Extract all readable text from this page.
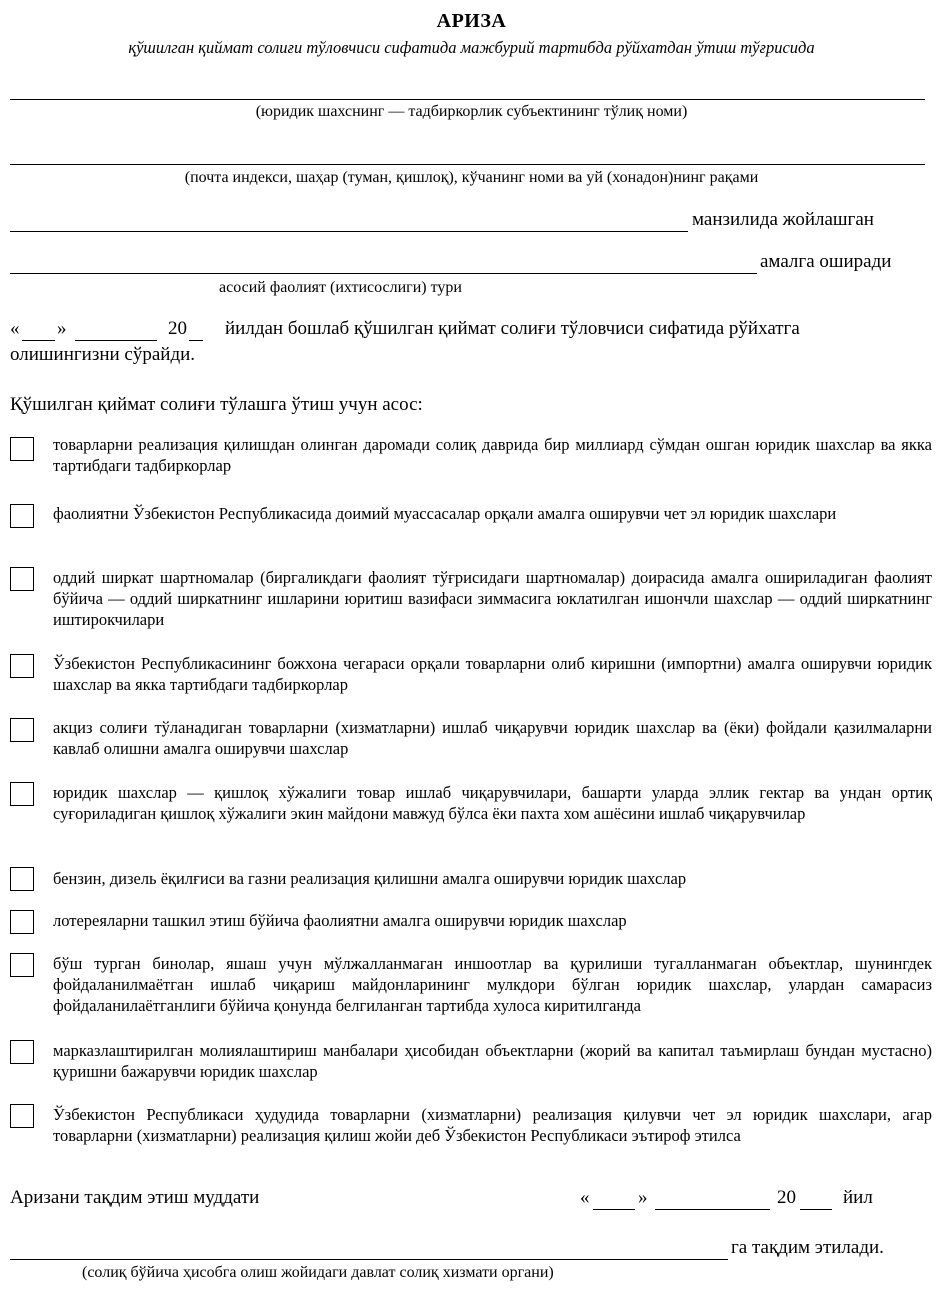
АРИЗА
қўшилган қиймат солиғи тўловчиси сифатида мажбурий тартибда рўйхатдан ўтиш тўғрисида
(юридик шахснинг — тадбиркорлик субъектининг тўлиқ номи)
(почта индекси, шаҳар (туман, қишлоқ), кўчанинг номи ва уй (хонадон)нинг рақами
манзилида жойлашган
амалга оширади
асосий фаолият (ихтисослиги) тури
« »	20 йилдан бошлаб қўшилган қиймат солиғи тўловчиси сифатида рўйхатга
олишингизни сўрайди.
Қўшилган қиймат солиғи тўлашга ўтиш учун асос:
товарларни реализация қилишдан олинган даромади солиқ даврида бир миллиард сўмдан ошган юридик шахслар ва якка тартибдаги тадбиркорлар
фаолиятни Ўзбекистон Республикасида доимий муассасалар орқали амалга оширувчи чет эл юридик шахслари
оддий ширкат шартномалар (биргаликдаги фаолият тўғрисидаги шартномалар) доирасида амалга ошириладиган фаолият бўйича — оддий ширкатнинг ишларини юритиш вазифаси зиммасига юклатилган ишончли шахслар — оддий ширкатнинг иштирокчилари
Ўзбекистон Республикасининг божхона чегараси орқали товарларни олиб киришни (импортни) амалга оширувчи юридик шахслар ва якка тартибдаги тадбиркорлар
акциз солиғи тўланадиган товарларни (хизматларни) ишлаб чиқарувчи юридик шахслар ва (ёки) фойдали қазилмаларни кавлаб олишни амалга оширувчи шахслар
юридик шахслар — қишлоқ хўжалиги товар ишлаб чиқарувчилари, башарти уларда эллик гектар ва ундан ортиқ суғориладиган қишлоқ хўжалиги экин майдони мавжуд бўлса ёки пахта хом ашёсини ишлаб чиқарувчилар
бензин, дизель ёқилғиси ва газни реализация қилишни амалга оширувчи юридик шахслар
лотереяларни ташкил этиш бўйича фаолиятни амалга оширувчи юридик шахслар
бўш турган бинолар, яшаш учун мўлжалланмаган иншоотлар ва қурилиши тугалланмаган объектлар, шунингдек фойдаланилмаётган ишлаб чиқариш майдонларининг мулкдори бўлган юридик шахслар, улардан самарасиз фойдаланилаётганлиги бўйича қонунда белгиланган тартибда хулоса киритилганда
марказлаштирилган молиялаштириш манбалари ҳисобидан объектларни (жорий ва капитал таъмирлаш бундан мустасно) қуришни бажарувчи юридик шахслар
Ўзбекистон Республикаси ҳудудида товарларни (хизматларни) реализация қилувчи чет эл юридик шахслари, агар товарларни (хизматларни) реализация қилиш жойи деб Ўзбекистон Республикаси эътироф этилса
Аризани тақдим этиш муддати	«	»	20 йил
га тақдим этилади.
(солиқ бўйича ҳисобга олиш жойидаги давлат солиқ хизмати органи)
